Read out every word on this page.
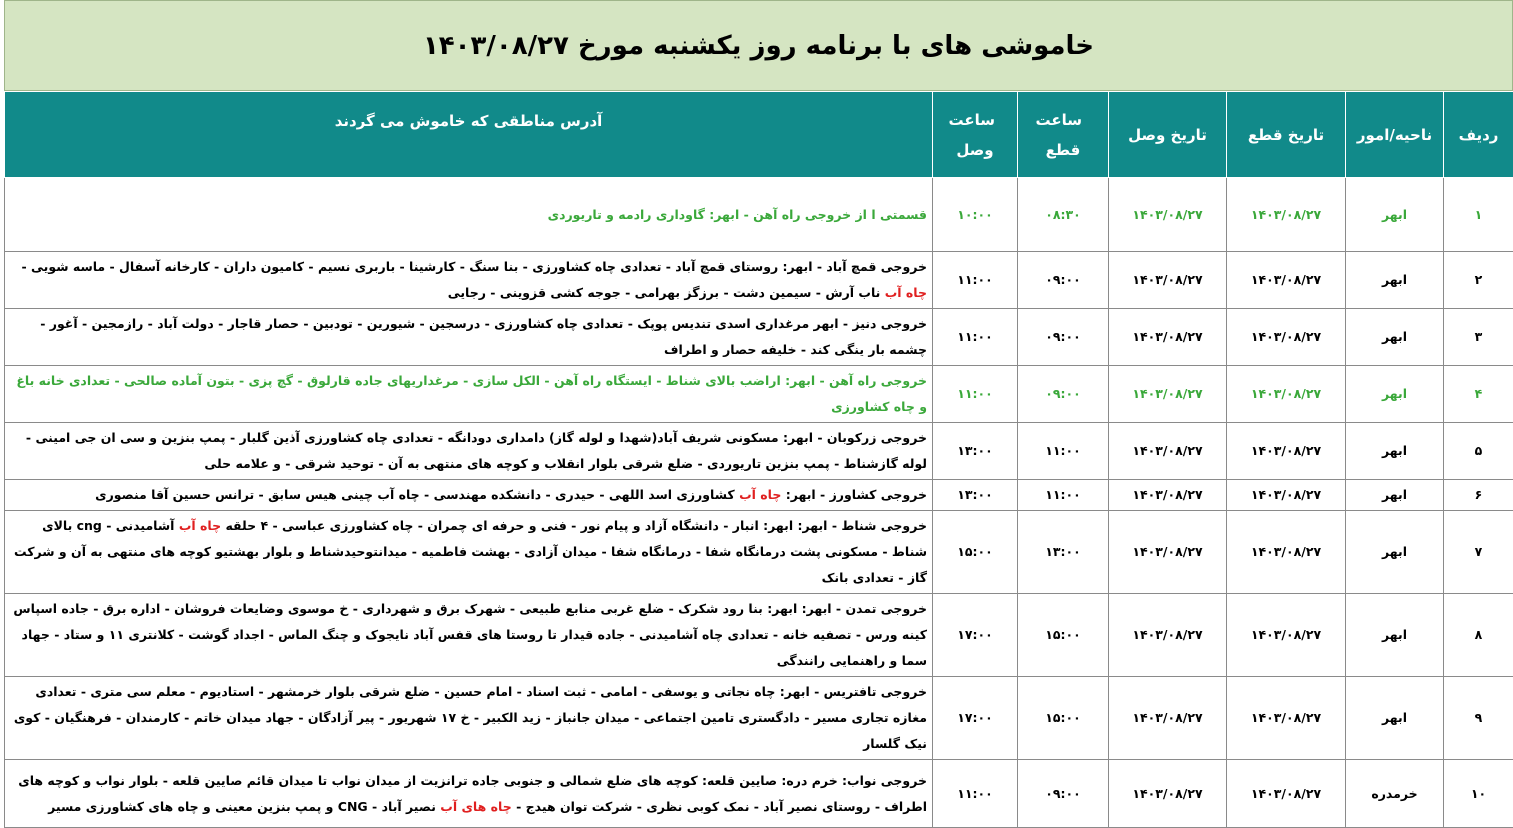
خاموشی های با برنامه روز یکشنبه مورخ ۱۴۰۳/۰۸/۲۷
ردیف	ناحیه/امور	تاریخ قطع	تاریخ وصل	ساعت قطع	ساعت وصل	آدرس مناطقی که خاموش می گردند
۱	ابهر	۱۴۰۳/۰۸/۲۷	۱۴۰۳/۰۸/۲۷	۰۸:۳۰	۱۰:۰۰	قسمتی ا از خروجی راه آهن - ابهر: گاوداری رادمه و تاریوردی
۲	ابهر	۱۴۰۳/۰۸/۲۷	۱۴۰۳/۰۸/۲۷	۰۹:۰۰	۱۱:۰۰	خروجی قمچ آباد - ابهر: روستای قمچ آباد - تعدادی چاه کشاورزی - بنا سنگ - کارشینا - باربری نسیم - کامیون داران - کارخانه آسفال - ماسه شویی - چاه آب ناب آرش - سیمین دشت - برزگز بهرامی - جوجه کشی قزوینی - رجایی
۳	ابهر	۱۴۰۳/۰۸/۲۷	۱۴۰۳/۰۸/۲۷	۰۹:۰۰	۱۱:۰۰	خروجی دنیز - ابهر مرغداری اسدی تندیس پوپک - تعدادی چاه کشاورزی - درسجین - شیورین - تودبین - حصار قاجار - دولت آباد - رازمجین - آغور - چشمه بار ینگی کند - خلیفه حصار و اطراف
۴	ابهر	۱۴۰۳/۰۸/۲۷	۱۴۰۳/۰۸/۲۷	۰۹:۰۰	۱۱:۰۰	خروجی راه آهن - ابهر: اراضب بالای شناط - ایستگاه راه آهن - الکل سازی - مرغداریهای جاده قارلوق - گچ پزی - بتون آماده صالحی - تعدادی خانه باغ و چاه کشاورزی
۵	ابهر	۱۴۰۳/۰۸/۲۷	۱۴۰۳/۰۸/۲۷	۱۱:۰۰	۱۳:۰۰	خروجی زرکوبان - ابهر: مسکونی شریف آباد(شهدا و لوله گاز) دامداری دودانگه - تعدادی چاه کشاورزی آذین گلبار - پمپ بنزین و سی ان جی امینی - لوله گازشناط - پمپ بنزین تاریوردی - ضلع شرقی بلوار انقلاب و کوچه های منتهی به آن - توحید شرقی - و علامه حلی
۶	ابهر	۱۴۰۳/۰۸/۲۷	۱۴۰۳/۰۸/۲۷	۱۱:۰۰	۱۳:۰۰	خروجی کشاورز - ابهر: چاه آب کشاورزی اسد اللهی - حیدری - دانشکده مهندسی - چاه آب چینی هیس سابق - ترانس حسین آقا منصوری
۷	ابهر	۱۴۰۳/۰۸/۲۷	۱۴۰۳/۰۸/۲۷	۱۳:۰۰	۱۵:۰۰	خروجی شناط - ابهر: ابهر: انبار - دانشگاه آزاد و پیام نور - فنی و حرفه ای چمران - چاه کشاورزی عباسی - ۴ حلقه چاه آب آشامیدنی - cng بالای شناط - مسکونی پشت درمانگاه شفا - درمانگاه شفا - میدان آزادی - بهشت فاطمیه - میدانتوحیدشناط و بلوار بهشتیو کوچه های منتهی به آن و شرکت گاز - تعدادی بانک
۸	ابهر	۱۴۰۳/۰۸/۲۷	۱۴۰۳/۰۸/۲۷	۱۵:۰۰	۱۷:۰۰	خروجی تمدن - ابهر: ابهر: بنا رود شکرک - ضلع غربی منابع طبیعی - شهرک برق و شهرداری - خ موسوی وضایعات فروشان - اداره برق - جاده اسپاس کینه ورس - تصفیه خانه - تعدادی چاه آشامیدنی - جاده قیدار تا روستا های قفس آباد نایجوک و چنگ الماس - اجداد گوشت - کلانتری ۱۱ و ستاد - جهاد سما و راهنمایی رانندگی
۹	ابهر	۱۴۰۳/۰۸/۲۷	۱۴۰۳/۰۸/۲۷	۱۵:۰۰	۱۷:۰۰	خروجی تافتریس - ابهر: چاه نجاتی و یوسفی - امامی - ثبت اسناد - امام حسین - ضلع شرقی بلوار خرمشهر - استادیوم - معلم سی متری - تعدادی مغازه تجاری مسیر - دادگستری تامین اجتماعی - میدان جانباز - زید الکبیر - خ ۱۷ شهریور - پیر آزادگان - جهاد میدان خاتم - کارمندان - فرهنگیان - کوی نیک گلسار
۱۰	خرمدره	۱۴۰۳/۰۸/۲۷	۱۴۰۳/۰۸/۲۷	۰۹:۰۰	۱۱:۰۰	خروجی نواب: خرم دره: صایین قلعه: کوچه های ضلع شمالی و جنوبی جاده ترانزیت از میدان نواب تا میدان قائم صایین قلعه - بلوار نواب و کوچه های اطراف - روستای نصیر آباد - نمک کوبی نظری - شرکت توان هیدج - چاه های آب نصیر آباد - CNG و پمپ بنزین معینی و چاه های کشاورزی مسیر
